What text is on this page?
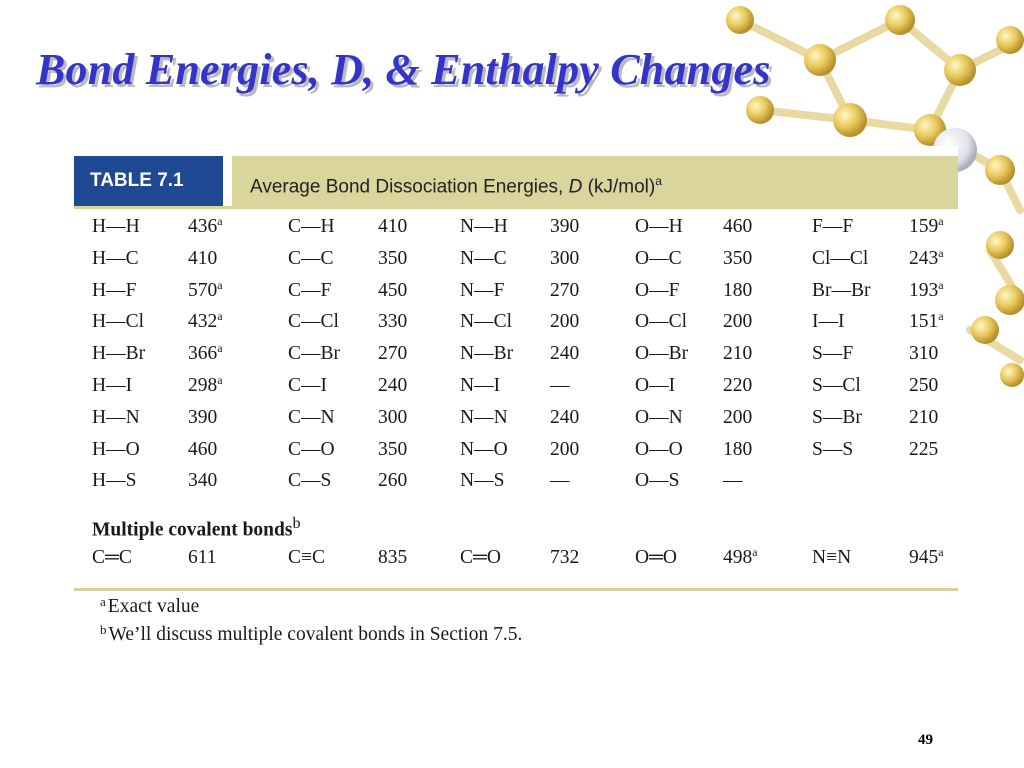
Bond Energies, D, & Enthalpy Changes
TABLE 7.1	Average Bond Dissociation Energies, D $(kJ/mol)^a$
H—H 436$^a$	C—H 410	N—H 390	O—H 460	F—F	159$^a$
H—C	410	C—C 350	N—C 300	O—C 350	Cl—Cl 243$^a$
H—F	570$^a$	C—F 450	N—F 270	O—F 180	Br—Br 193$^a$
H—Cl 432$^a$	C—Cl 330	N—Cl 200	O—Cl 200	I—I	151$^a$
H—Br 366$^a$	C—Br 270	N—Br 240	O—Br 210	S—F	310
H—I	298$^a$	C—I	240	N—I	—	O—I 220	S—Cl 250
H—N 390	C—N 300	N—N 240	O—N 200	S—Br 210
H—O 460	C—O 350	N—O 200	O—O 180	S—S	225
H—S	340	C—S 260	N—S —	O—S —
Multiple covalent bonds$^b$
C═C	611	C≡C	835	C═O	732	O═O 498$^a$	N≡N	945$^a$
$^a$ Exact value
$^b$ We’ll discuss multiple covalent bonds in Section 7.5.
49
